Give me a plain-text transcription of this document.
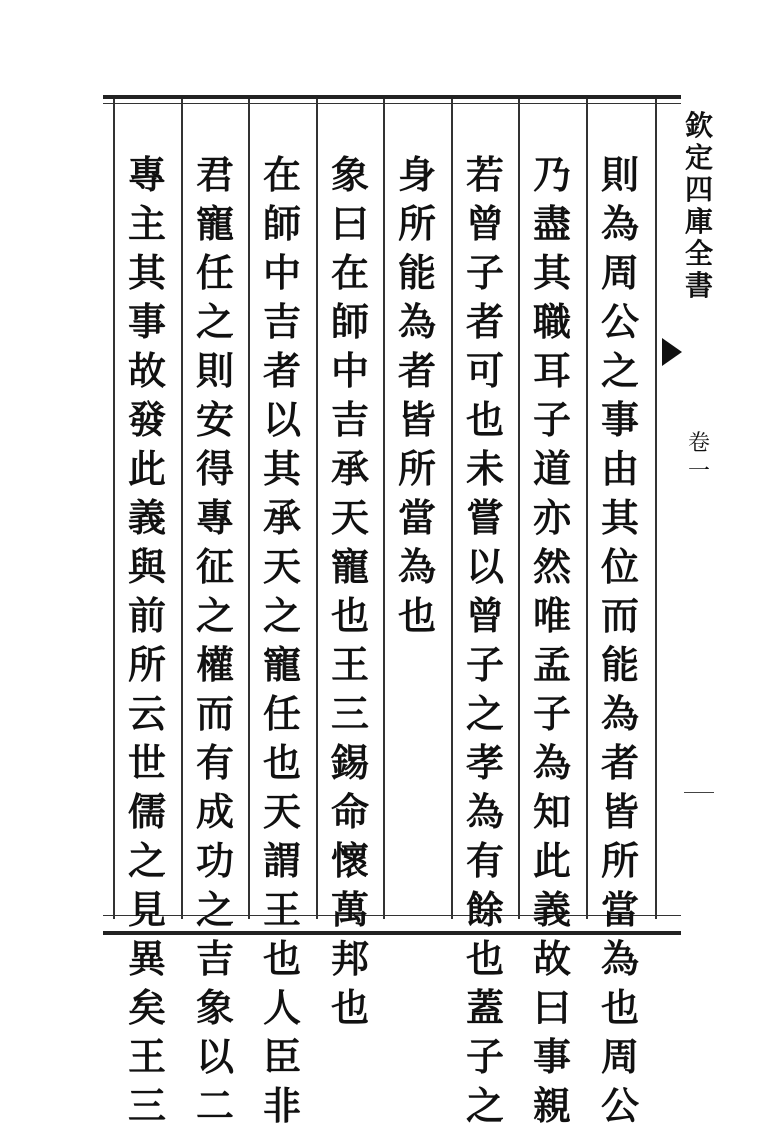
則
為
周
公
之
事
由
其
位
而
能
為
者
皆
所
當
為
也
周
公
乃
盡
其
職
耳
子
道
亦
然
唯
孟
子
為
知
此
義
故
曰
事
親
若
曾
子
者
可
也
未
嘗
以
曾
子
之
孝
為
有
餘
也
蓋
子
之
身
所
能
為
者
皆
所
當
為
也
象
曰
在
師
中
吉
承
天
寵
也
王
三
錫
命
懷
萬
邦
也
在
師
中
吉
者
以
其
承
天
之
寵
任
也
天
謂
王
也
人
臣
非
君
寵
任
之
則
安
得
專
征
之
權
而
有
成
功
之
吉
象
以
二
專
主
其
事
故
發
此
義
與
前
所
云
世
儒
之
見
異
矣
王
三
欽
定
四
庫
全
書
卷
一
